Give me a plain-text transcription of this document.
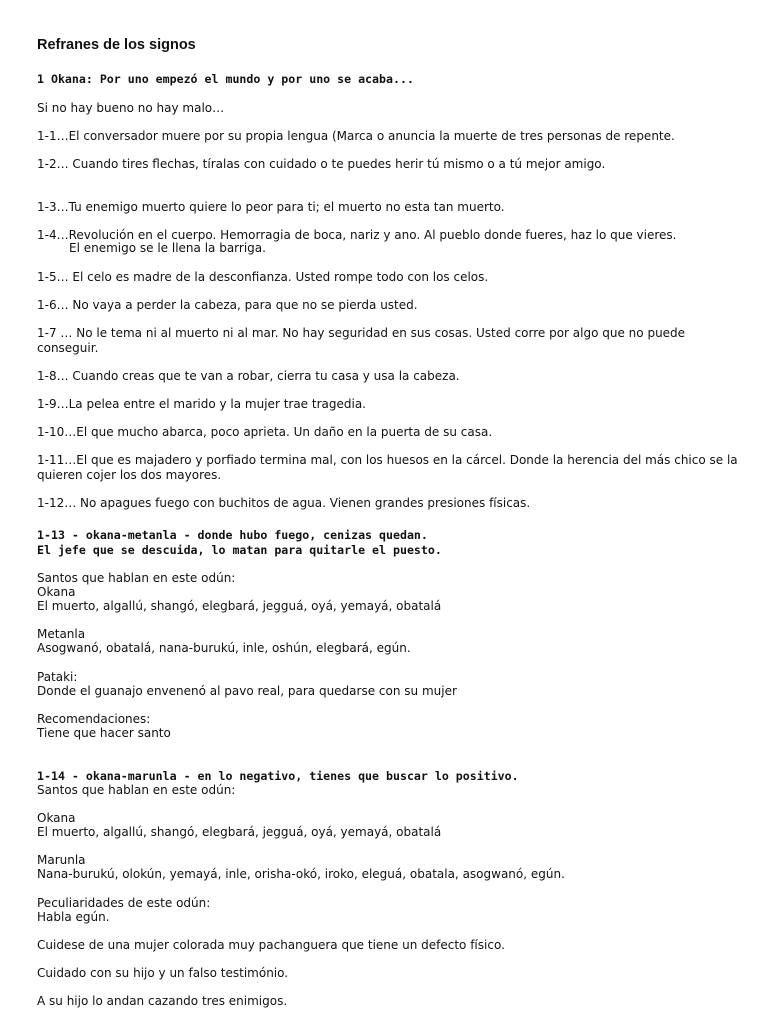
Refranes de los signos
1 Okana: Por uno empezó el mundo y por uno se acaba...
Si no hay bueno no hay malo…
1-1…El conversador muere por su propia lengua (Marca o anuncia la muerte de tres personas de repente.
1-2… Cuando tires flechas, tíralas con cuidado o te puedes herir tú mismo o a tú mejor amigo.
1-3…Tu enemigo muerto quiere lo peor para ti; el muerto no esta tan muerto.
1-4…Revolución en el cuerpo. Hemorragia de boca, nariz y ano. Al pueblo donde fueres, haz lo que vieres.
El enemigo se le llena la barriga.
1-5… El celo es madre de la desconfianza. Usted rompe todo con los celos.
1-6… No vaya a perder la cabeza, para que no se pierda usted.
1-7 … No le tema ni al muerto ni al mar. No hay seguridad en sus cosas. Usted corre por algo que no puede
conseguir.
1-8… Cuando creas que te van a robar, cierra tu casa y usa la cabeza.
1-9…La pelea entre el marido y la mujer trae tragedia.
1-10…El que mucho abarca, poco aprieta. Un daño en la puerta de su casa.
1-11…El que es majadero y porfiado termina mal, con los huesos en la cárcel. Donde la herencia del más chico se la
quieren cojer los dos mayores.
1-12… No apagues fuego con buchitos de agua. Vienen grandes presiones físicas.
1-13 - okana-metanla - donde hubo fuego, cenizas quedan.
El jefe que se descuida, lo matan para quitarle el puesto.
Santos que hablan en este odún:
Okana
El muerto, algallú, shangó, elegbará, jegguá, oyá, yemayá, obatalá
Metanla
Asogwanó, obatalá, nana-burukú, inle, oshún, elegbará, egún.
Pataki:
Donde el guanajo envenenó al pavo real, para quedarse con su mujer
Recomendaciones:
Tiene que hacer santo
1-14 - okana-marunla - en lo negativo, tienes que buscar lo positivo.
Santos que hablan en este odún:
Okana
El muerto, algallú, shangó, elegbará, jegguá, oyá, yemayá, obatalá
Marunla
Nana-burukú, olokún, yemayá, inle, orisha-okó, iroko, eleguá, obatala, asogwanó, egún.
Peculiaridades de este odún:
Habla egún.
Cuidese de una mujer colorada muy pachanguera que tiene un defecto físico.
Cuidado con su hijo y un falso testimónio.
A su hijo lo andan cazando tres enimigos.
